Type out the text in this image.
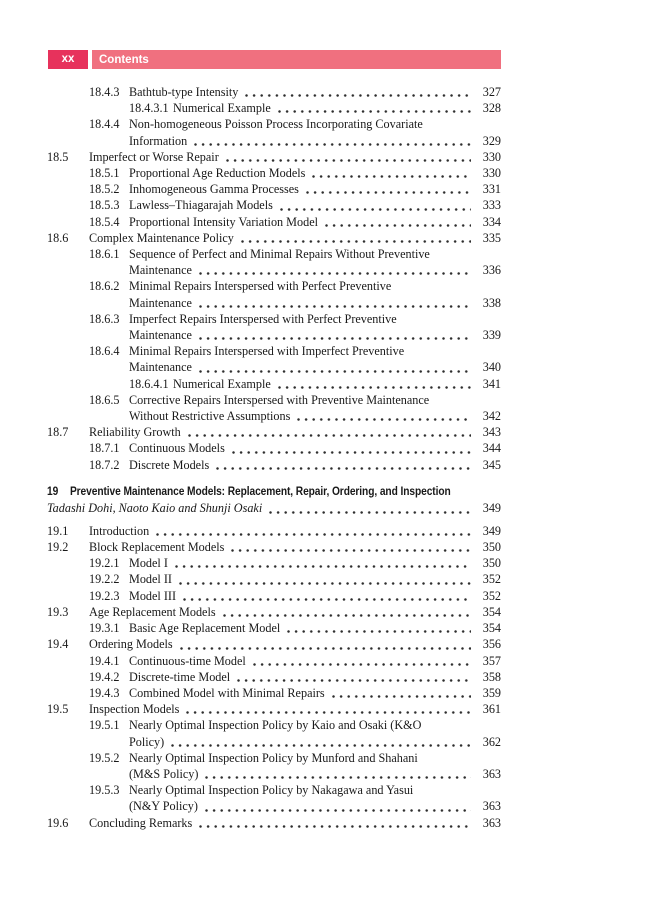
xx	Contents
18.4.3 Bathtub-type Intensity	327
18.4.3.1 Numerical Example	328
18.4.4 Non-homogeneous Poisson Process Incorporating Covariate
Information	329
18.5	Imperfect or Worse Repair	330
18.5.1 Proportional Age Reduction Models	330
18.5.2 Inhomogeneous Gamma Processes	331
18.5.3 Lawless–Thiagarajah Models	333
18.5.4 Proportional Intensity Variation Model	334
18.6	Complex Maintenance Policy	335
18.6.1 Sequence of Perfect and Minimal Repairs Without Preventive
Maintenance	336
18.6.2 Minimal Repairs Interspersed with Perfect Preventive
Maintenance	338
18.6.3 Imperfect Repairs Interspersed with Perfect Preventive
Maintenance	339
18.6.4 Minimal Repairs Interspersed with Imperfect Preventive
Maintenance	340
18.6.4.1 Numerical Example	341
18.6.5 Corrective Repairs Interspersed with Preventive Maintenance
Without Restrictive Assumptions	342
18.7	Reliability Growth	343
18.7.1 Continuous Models	344
18.7.2 Discrete Models	345
19 Preventive Maintenance Models: Replacement, Repair, Ordering, and Inspection
Tadashi Dohi, Naoto Kaio and Shunji Osaki	349
19.1	Introduction	349
19.2	Block Replacement Models	350
19.2.1 Model I	350
19.2.2 Model II	352
19.2.3 Model III	352
19.3	Age Replacement Models	354
19.3.1 Basic Age Replacement Model	354
19.4	Ordering Models	356
19.4.1 Continuous-time Model	357
19.4.2 Discrete-time Model	358
19.4.3 Combined Model with Minimal Repairs	359
19.5	Inspection Models	361
19.5.1 Nearly Optimal Inspection Policy by Kaio and Osaki (K&O
Policy)	362
19.5.2 Nearly Optimal Inspection Policy by Munford and Shahani
(M&S Policy)	363
19.5.3 Nearly Optimal Inspection Policy by Nakagawa and Yasui
(N&Y Policy)	363
19.6	Concluding Remarks	363
